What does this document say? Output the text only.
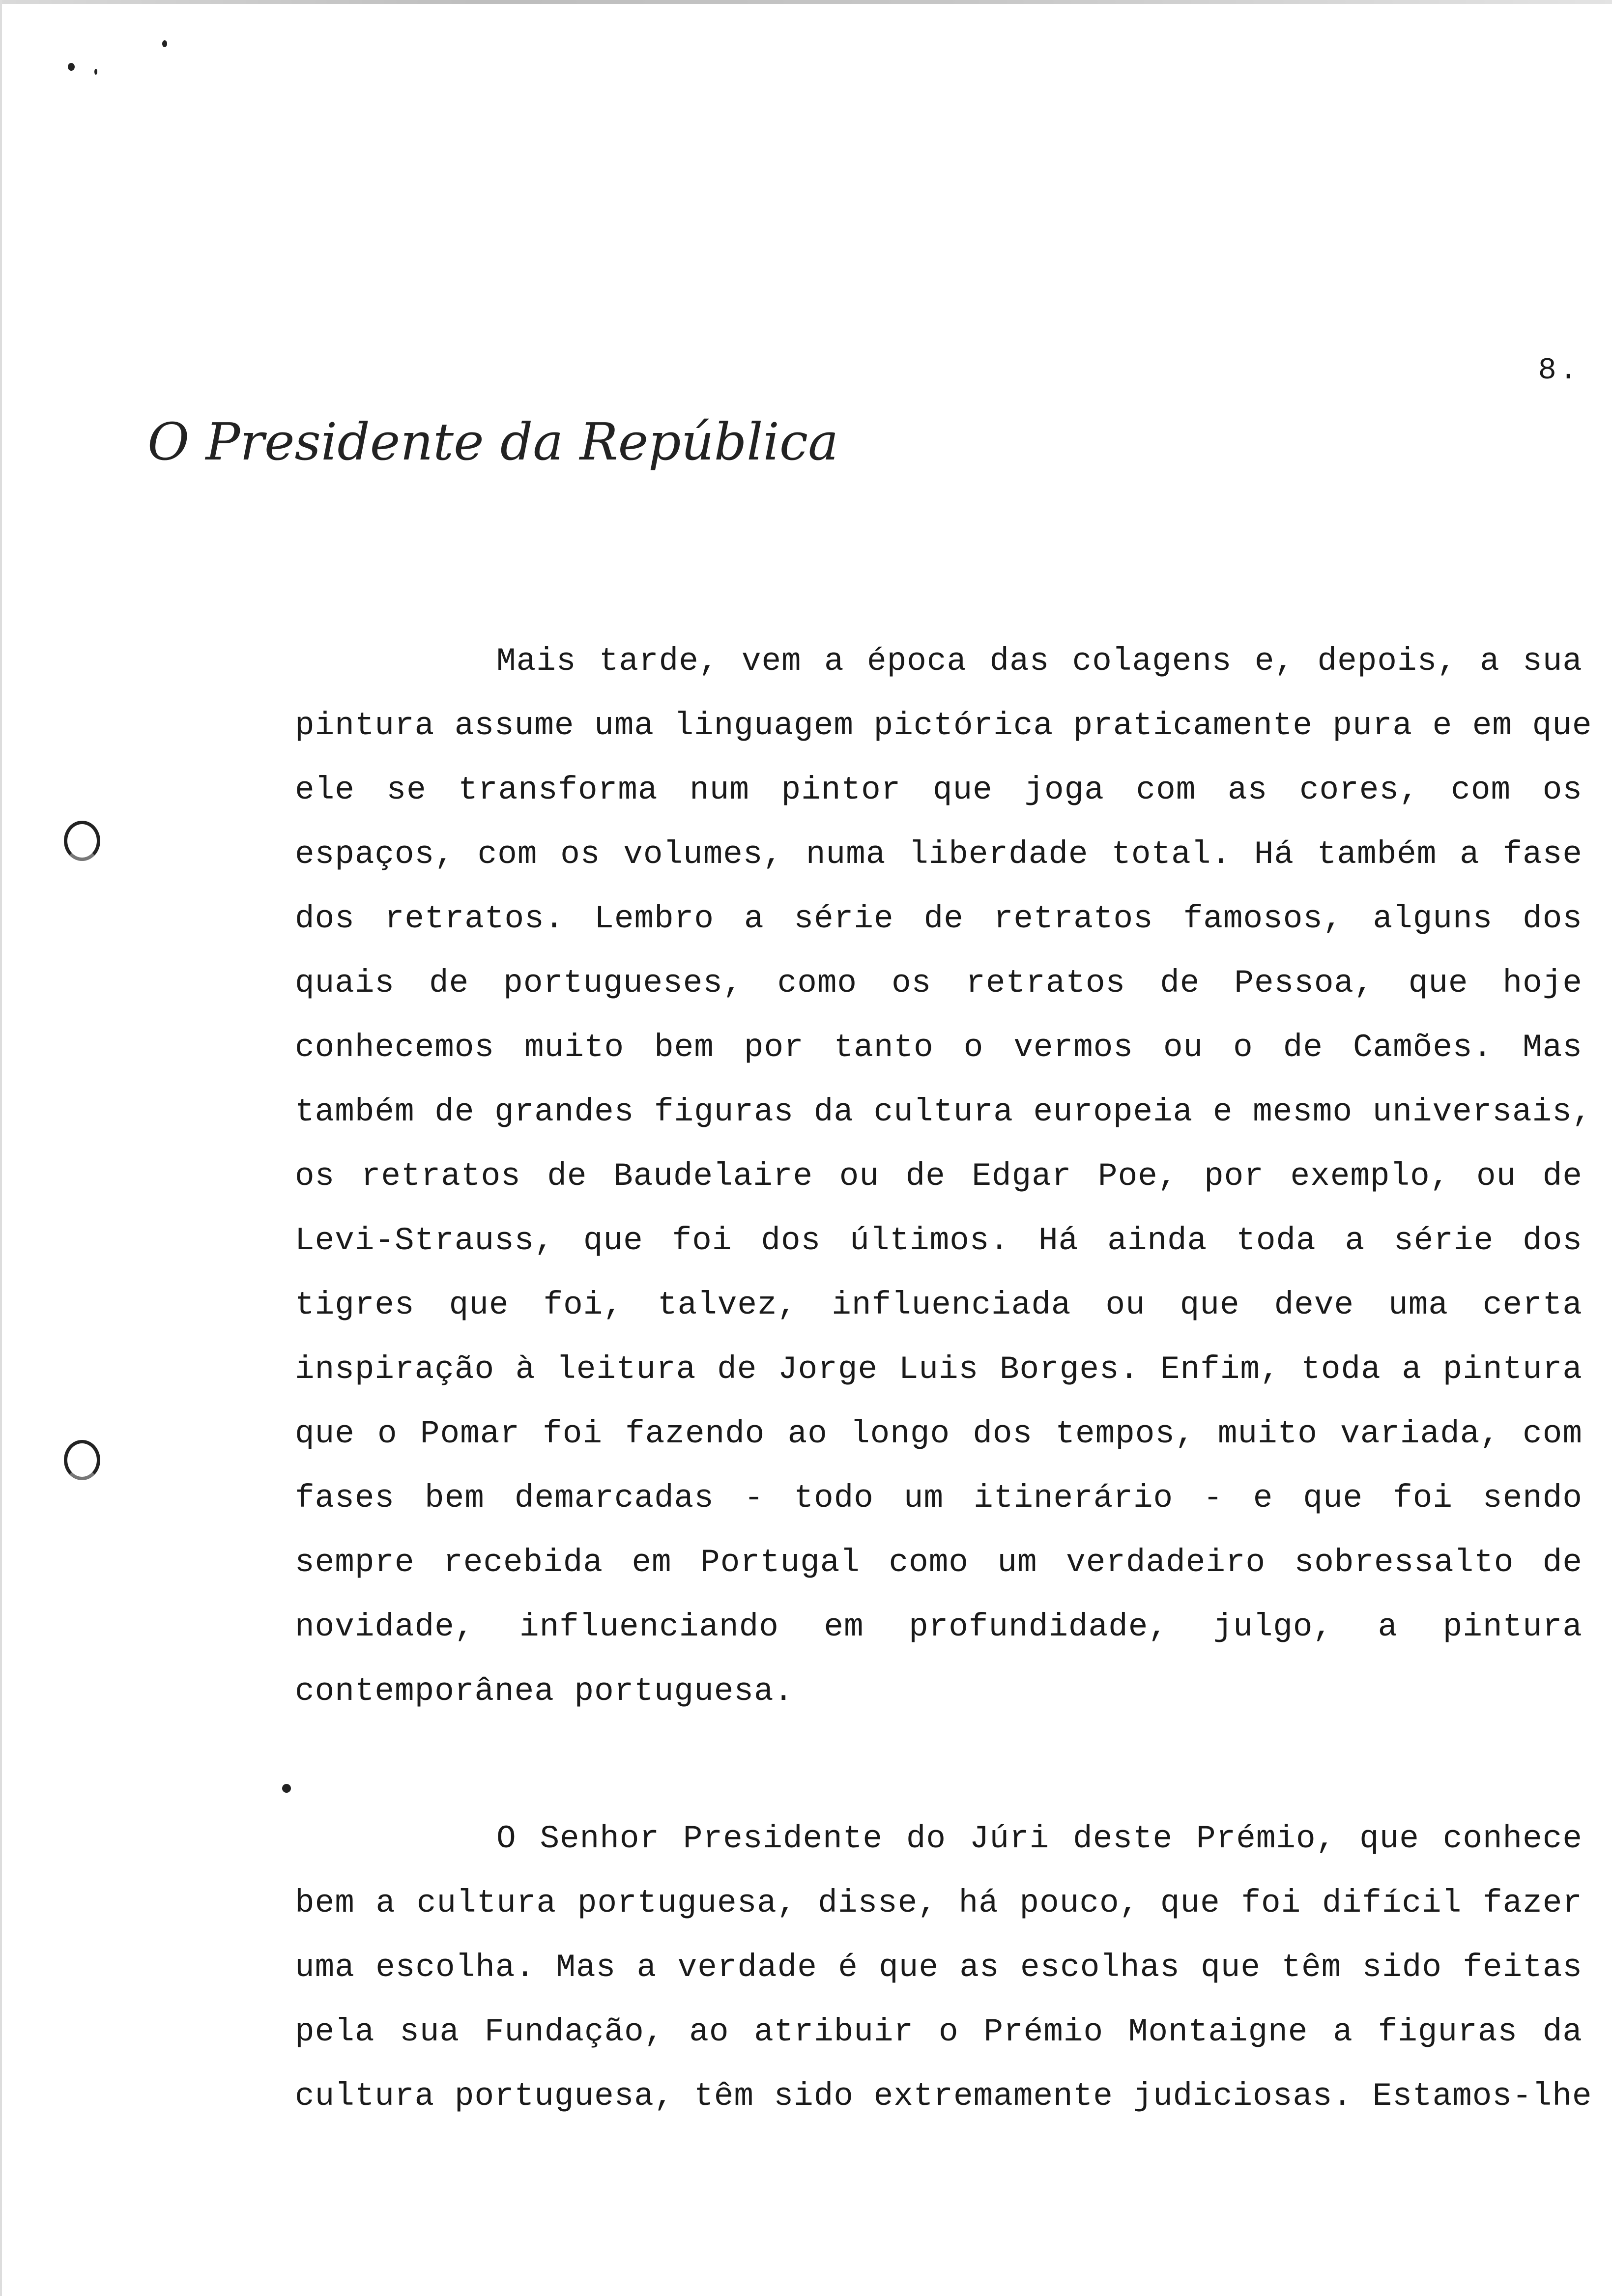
8.
O Presidente da República
Mais tarde, vem a época das colagens e, depois, a sua
pintura assume uma linguagem pictórica praticamente pura e em que
ele se transforma num pintor que joga com as cores, com os
espaços, com os volumes, numa liberdade total. Há também a fase
dos retratos. Lembro a série de retratos famosos, alguns dos
quais de portugueses, como os retratos de Pessoa, que hoje
conhecemos muito bem por tanto o vermos ou o de Camões. Mas
também de grandes figuras da cultura europeia e mesmo universais,
os retratos de Baudelaire ou de Edgar Poe, por exemplo, ou de
Levi-Strauss, que foi dos últimos. Há ainda toda a série dos
tigres que foi, talvez, influenciada ou que deve uma certa
inspiração à leitura de Jorge Luis Borges. Enfim, toda a pintura
que o Pomar foi fazendo ao longo dos tempos, muito variada, com
fases bem demarcadas - todo um itinerário - e que foi sendo
sempre recebida em Portugal como um verdadeiro sobressalto de
novidade, influenciando em profundidade, julgo, a pintura
contemporânea portuguesa.
O Senhor Presidente do Júri deste Prémio, que conhece
bem a cultura portuguesa, disse, há pouco, que foi difícil fazer
uma escolha. Mas a verdade é que as escolhas que têm sido feitas
pela sua Fundação, ao atribuir o Prémio Montaigne a figuras da
cultura portuguesa, têm sido extremamente judiciosas. Estamos-lhe
